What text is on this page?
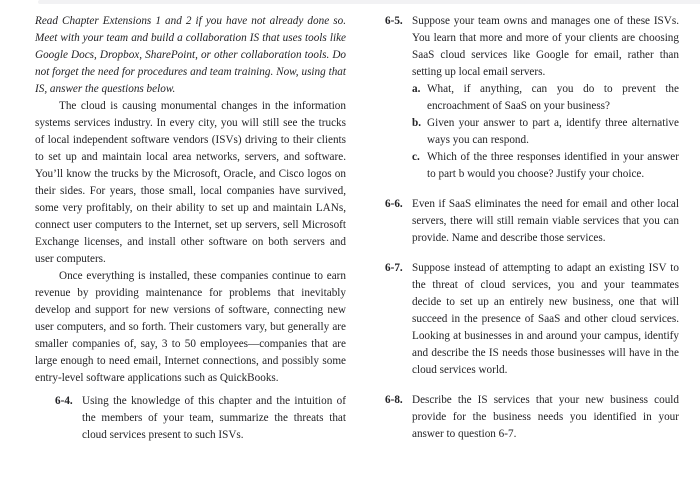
Read Chapter Extensions 1 and 2 if you have not already done so. Meet with your team and build a collaboration IS that uses tools like Google Docs, Dropbox, SharePoint, or other collaboration tools. Do not forget the need for procedures and team training. Now, using that IS, answer the questions below.

The cloud is causing monumental changes in the information systems services industry. In every city, you will still see the trucks of local independent software vendors (ISVs) driving to their clients to set up and maintain local area networks, servers, and software. You’ll know the trucks by the Microsoft, Oracle, and Cisco logos on their sides. For years, those small, local companies have survived, some very profitably, on their ability to set up and maintain LANs, connect user computers to the Internet, set up servers, sell Microsoft Exchange licenses, and install other software on both servers and user computers.

Once everything is installed, these companies continue to earn revenue by providing maintenance for problems that inevitably develop and support for new versions of software, connecting new user computers, and so forth. Their customers vary, but generally are smaller companies of, say, 3 to 50 employees—companies that are large enough to need email, Internet connections, and possibly some entry-level software applications such as QuickBooks.

6-4. Using the knowledge of this chapter and the intuition of the members of your team, summarize the threats that cloud services present to such ISVs.
6-5. Suppose your team owns and manages one of these ISVs. You learn that more and more of your clients are choosing SaaS cloud services like Google for email, rather than setting up local email servers.
a. What, if anything, can you do to prevent the encroachment of SaaS on your business?
b. Given your answer to part a, identify three alternative ways you can respond.
c. Which of the three responses identified in your answer to part b would you choose? Justify your choice.
6-6. Even if SaaS eliminates the need for email and other local servers, there will still remain viable services that you can provide. Name and describe those services.
6-7. Suppose instead of attempting to adapt an existing ISV to the threat of cloud services, you and your teammates decide to set up an entirely new business, one that will succeed in the presence of SaaS and other cloud services. Looking at businesses in and around your campus, identify and describe the IS needs those businesses will have in the cloud services world.
6-8. Describe the IS services that your new business could provide for the business needs you identified in your answer to question 6-7.
